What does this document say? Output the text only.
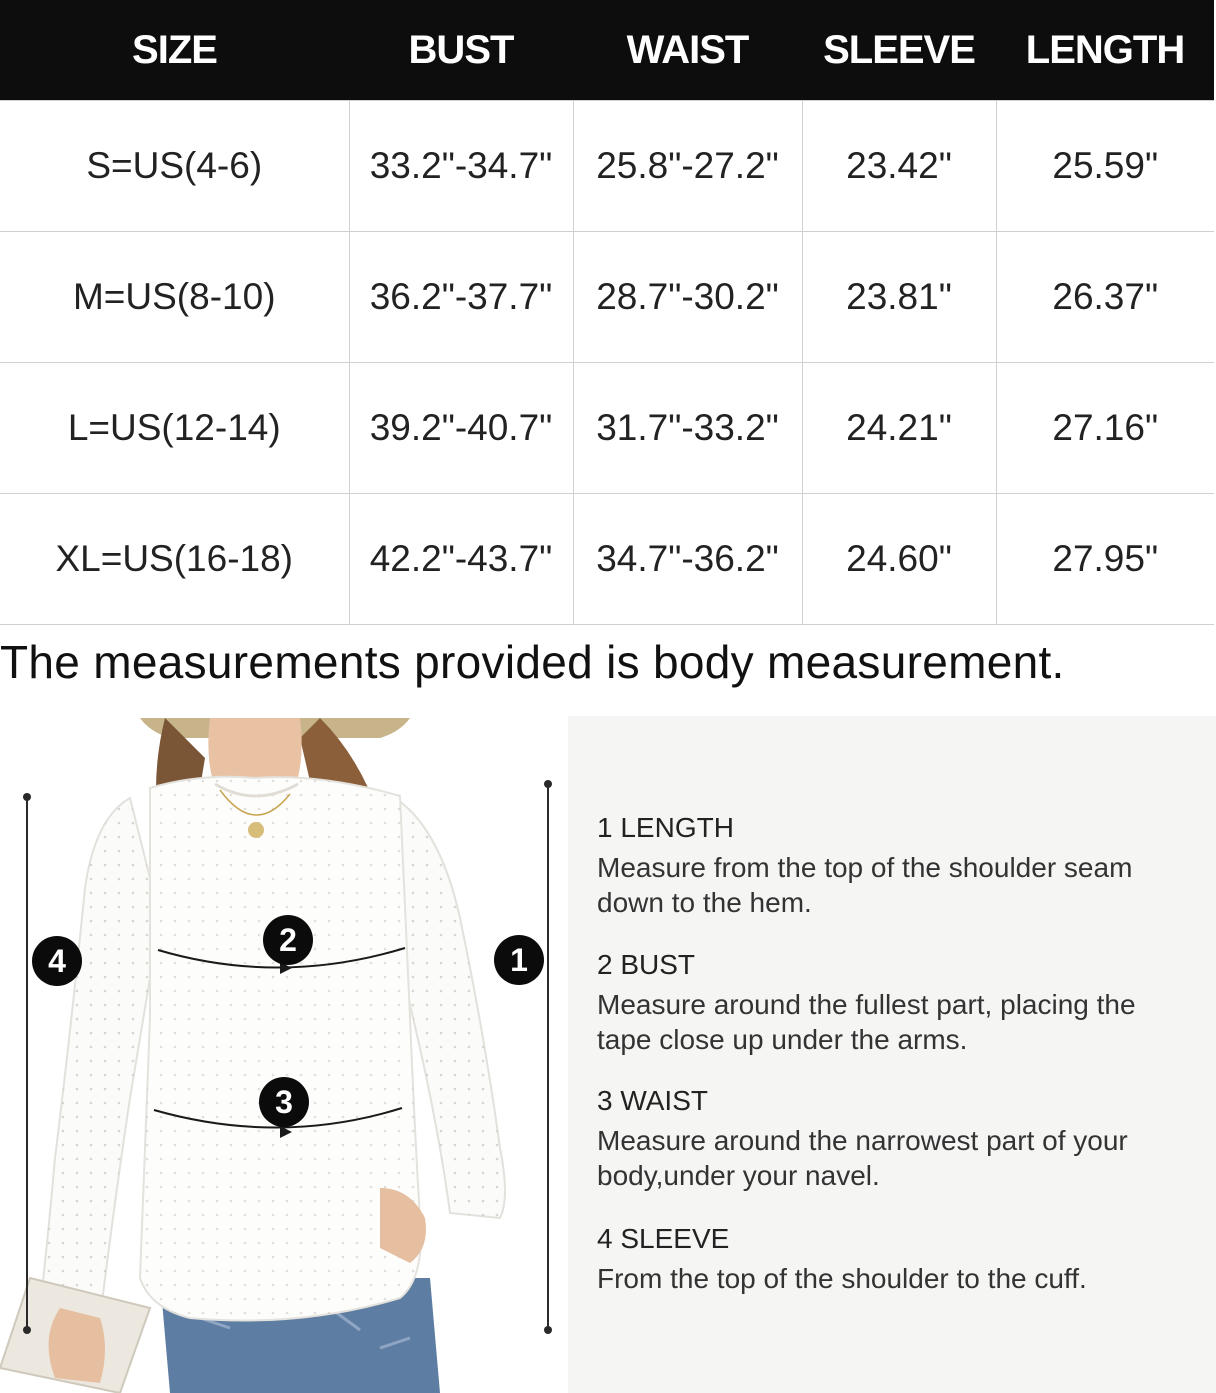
SIZE	BUST	WAIST	SLEEVE	LENGTH
S=US(4-6)	33.2"-34.7"	25.8"-27.2"	23.42"	25.59"
M=US(8-10)	36.2"-37.7"	28.7"-30.2"	23.81"	26.37"
L=US(12-14)	39.2"-40.7"	31.7"-33.2"	24.21"	27.16"
XL=US(16-18)	42.2"-43.7"	34.7"-36.2"	24.60"	27.95"
The measurements provided is body measurement.
2
3
4	1
1 LENGTH
Measure from the top of the shoulder seam down to the hem.
2 BUST
Measure around the fullest part, placing the tape close up under the arms.
3 WAIST
Measure around the narrowest part of your body,under your navel.
4 SLEEVE
From the top of the shoulder to the cuff.
